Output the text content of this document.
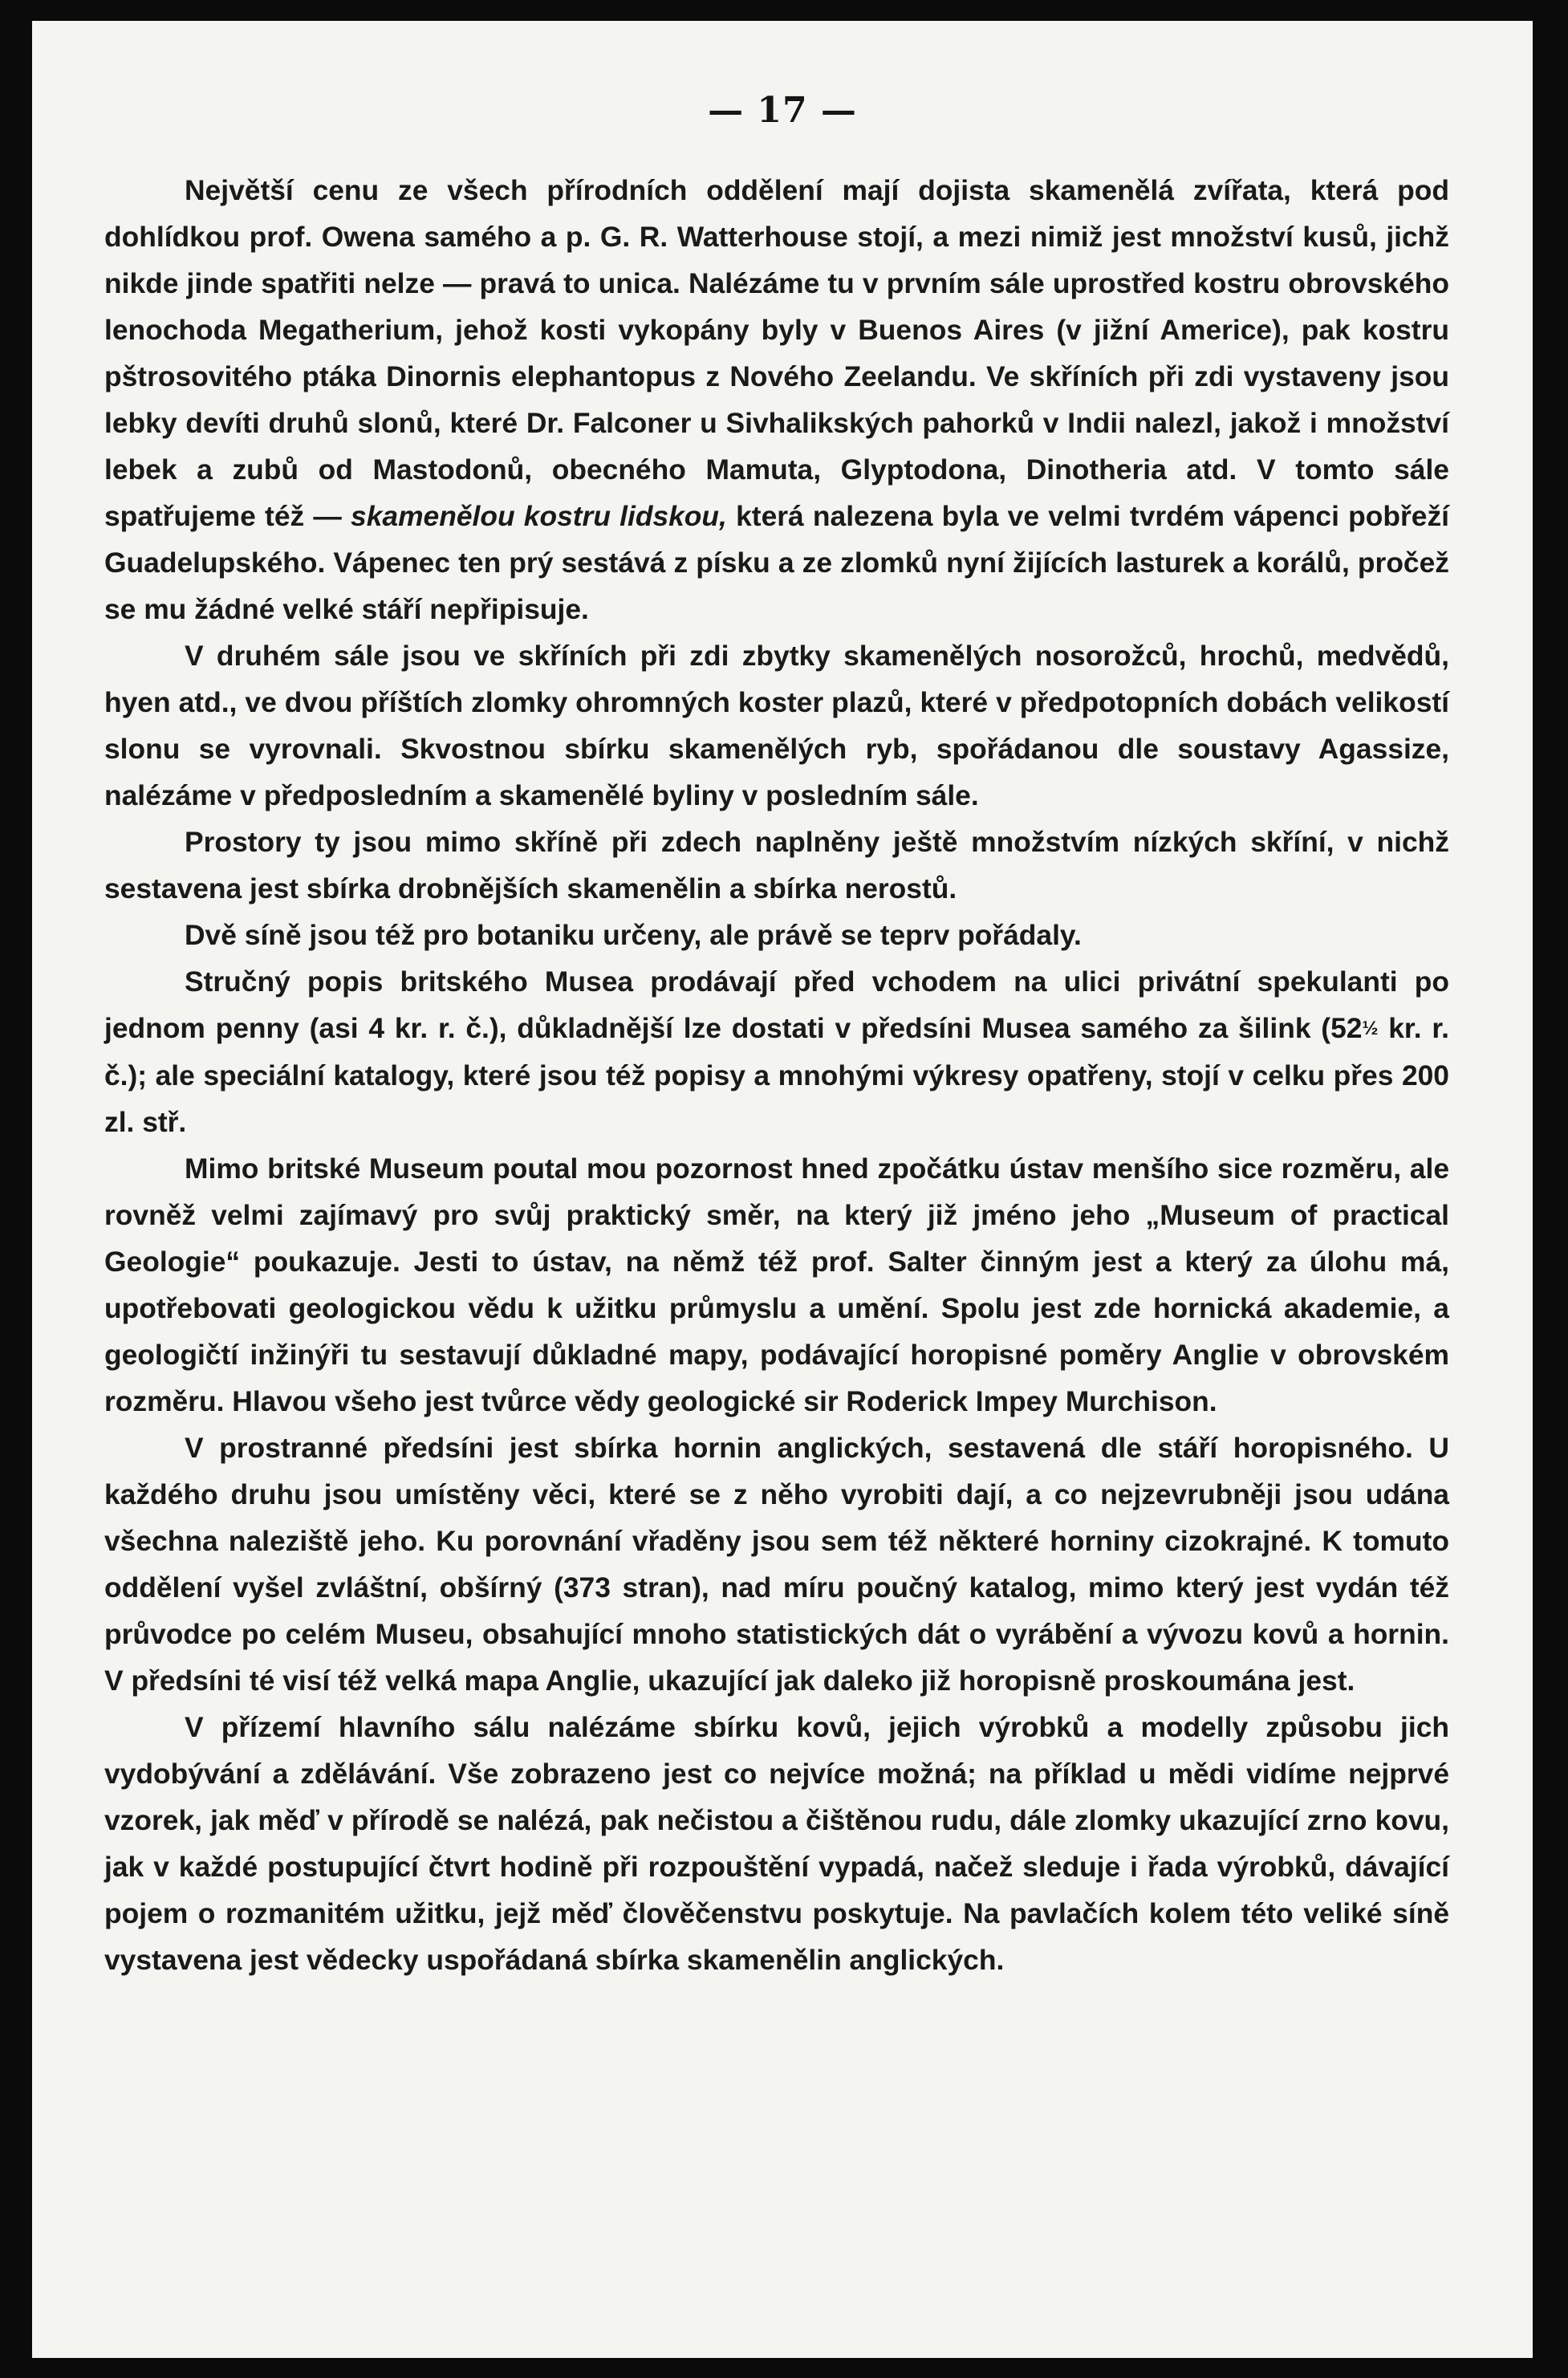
— 17 —

Největší cenu ze všech přírodních oddělení mají dojista skamenělá zvířata, která pod dohlídkou prof. Owena samého a p. G. R. Watterhouse stojí, a mezi nimiž jest množství kusů, jichž nikde jinde spatřiti nelze — pravá to unica. Nalézáme tu v prvním sále uprostřed kostru obrovského lenochoda Megatherium, jehož kosti vykopány byly v Buenos Aires (v jižní Americe), pak kostru pštrosovitého ptáka Dinornis elephantopus z Nového Zeelandu. Ve skříních při zdi vystaveny jsou lebky devíti druhů slonů, které Dr. Falconer u Sivhalikských pahorků v Indii nalezl, jakož i množství lebek a zubů od Mastodonů, obecného Mamuta, Glyptodona, Dinotheria atd. V tomto sále spatřujeme též — skamenělou kostru lidskou, která nalezena byla ve velmi tvrdém vápenci pobřeží Guadelupského. Vápenec ten prý sestává z písku a ze zlomků nyní žijících lasturek a korálů, pročež se mu žádné velké stáří nepřipisuje.

V druhém sále jsou ve skříních při zdi zbytky skamenělých nosorožců, hrochů, medvědů, hyen atd., ve dvou příštích zlomky ohromných koster plazů, které v předpotopních dobách velikostí slonu se vyrovnali. Skvostnou sbírku skamenělých ryb, spořádanou dle soustavy Agassize, nalézáme v předposledním a skamenělé byliny v posledním sále.

Prostory ty jsou mimo skříně při zdech naplněny ještě množstvím nízkých skříní, v nichž sestavena jest sbírka drobnějších skamenělin a sbírka nerostů.

Dvě síně jsou též pro botaniku určeny, ale právě se teprv pořádaly.

Stručný popis britského Musea prodávají před vchodem na ulici privátní spekulanti po jednom penny (asi 4 kr. r. č.), důkladnější lze dostati v předsíni Musea samého za šilink (52½ kr. r. č.); ale speciální katalogy, které jsou též popisy a mnohými výkresy opatřeny, stojí v celku přes 200 zl. stř.

Mimo britské Museum poutal mou pozornost hned zpočátku ústav menšího sice rozměru, ale rovněž velmi zajímavý pro svůj praktický směr, na který již jméno jeho „Museum of practical Geologie“ poukazuje. Jesti to ústav, na němž též prof. Salter činným jest a který za úlohu má, upotřebovati geologickou vědu k užitku průmyslu a umění. Spolu jest zde hornická akademie, a geologičtí inžinýři tu sestavují důkladné mapy, podávající horopisné poměry Anglie v obrovském rozměru. Hlavou všeho jest tvůrce vědy geologické sir Roderick Impey Murchison.

V prostranné předsíni jest sbírka hornin anglických, sestavená dle stáří horopisného. U každého druhu jsou umístěny věci, které se z něho vyrobiti dají, a co nejzevrubněji jsou udána všechna naleziště jeho. Ku porovnání vřaděny jsou sem též některé horniny cizokrajné. K tomuto oddělení vyšel zvláštní, obšírný (373 stran), nad míru poučný katalog, mimo který jest vydán též průvodce po celém Museu, obsahující mnoho statistických dát o vyrábění a vývozu kovů a hornin. V předsíni té visí též velká mapa Anglie, ukazující jak daleko již horopisně proskoumána jest.

V přízemí hlavního sálu nalézáme sbírku kovů, jejich výrobků a modelly způsobu jich vydobývání a zdělávání. Vše zobrazeno jest co nejvíce možná; na příklad u mědi vidíme nejprvé vzorek, jak měď v přírodě se nalézá, pak nečistou a čištěnou rudu, dále zlomky ukazující zrno kovu, jak v každé postupující čtvrt hodině při rozpouštění vypadá, načež sleduje i řada výrobků, dávající pojem o rozmanitém užitku, jejž měď člověčenstvu poskytuje. Na pavlačích kolem této veliké síně vystavena jest vědecky uspořádaná sbírka skamenělin anglických.
